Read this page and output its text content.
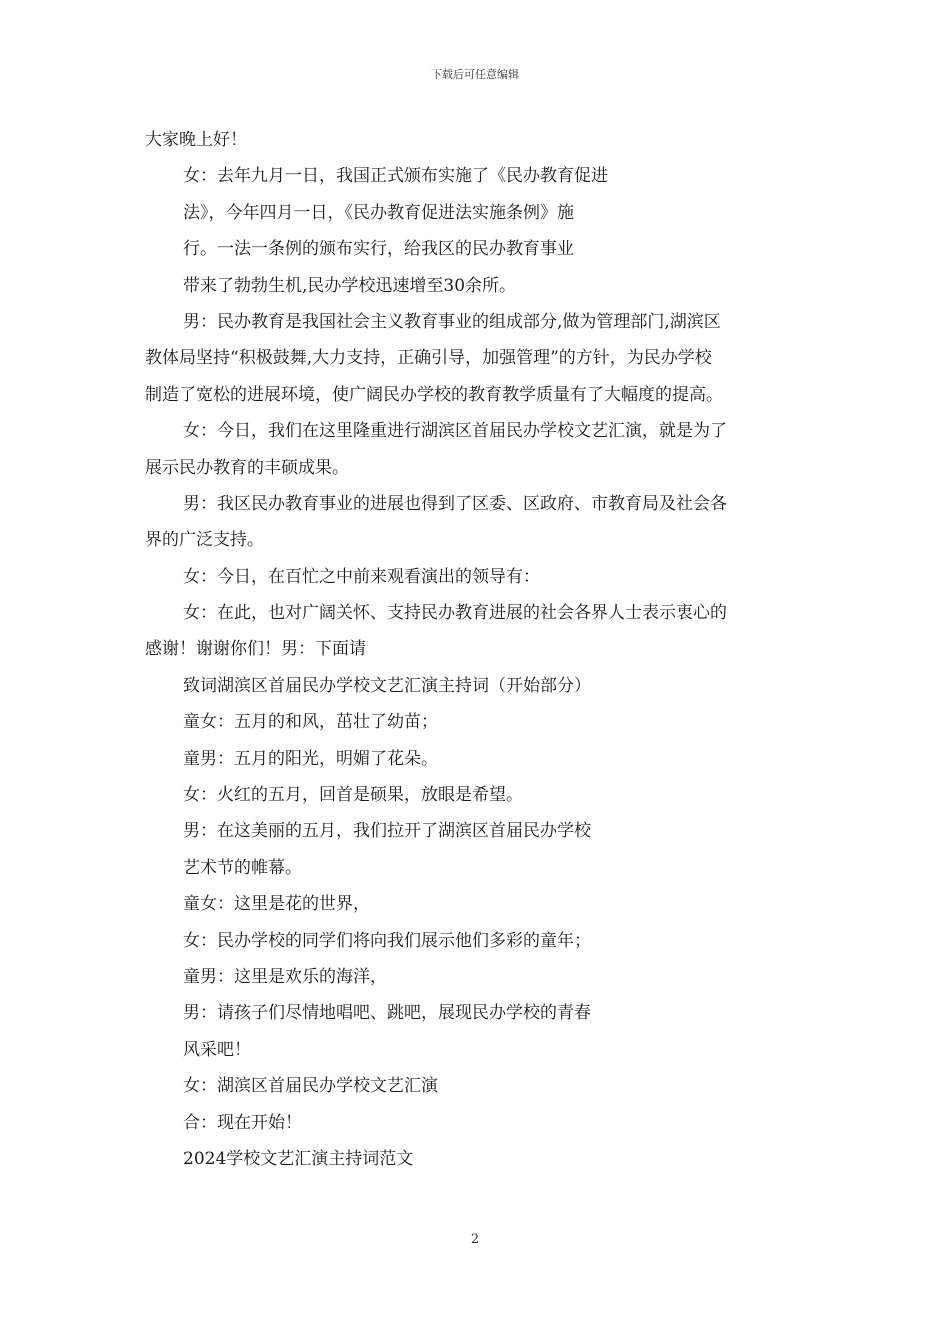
下载后可任意编辑
大家晚上好！
女：去年九月一日，我国正式颁布实施了《民办教育促进
法》，今年四月一日，《民办教育促进法实施条例》施
行。一法一条例的颁布实行，给我区的民办教育事业
带来了勃勃生机,民办学校迅速增至30余所。
男：民办教育是我国社会主义教育事业的组成部分,做为管理部门,湖滨区
教体局坚持“积极鼓舞,大力支持，正确引导，加强管理”的方针，为民办学校
制造了宽松的进展环境，使广阔民办学校的教育教学质量有了大幅度的提高。
女：今日，我们在这里隆重进行湖滨区首届民办学校文艺汇演，就是为了
展示民办教育的丰硕成果。
男：我区民办教育事业的进展也得到了区委、区政府、市教育局及社会各
界的广泛支持。
女：今日，在百忙之中前来观看演出的领导有：
女：在此，也对广阔关怀、支持民办教育进展的社会各界人士表示衷心的
感谢！谢谢你们！男：下面请
致词湖滨区首届民办学校文艺汇演主持词（开始部分）
童女：五月的和风，茁壮了幼苗；
童男：五月的阳光，明媚了花朵。
女：火红的五月，回首是硕果，放眼是希望。
男：在这美丽的五月，我们拉开了湖滨区首届民办学校
艺术节的帷幕。
童女：这里是花的世界，
女：民办学校的同学们将向我们展示他们多彩的童年；
童男：这里是欢乐的海洋，
男：请孩子们尽情地唱吧、跳吧，展现民办学校的青春
风采吧！
女：湖滨区首届民办学校文艺汇演
合：现在开始！
2024学校文艺汇演主持词范文
2
